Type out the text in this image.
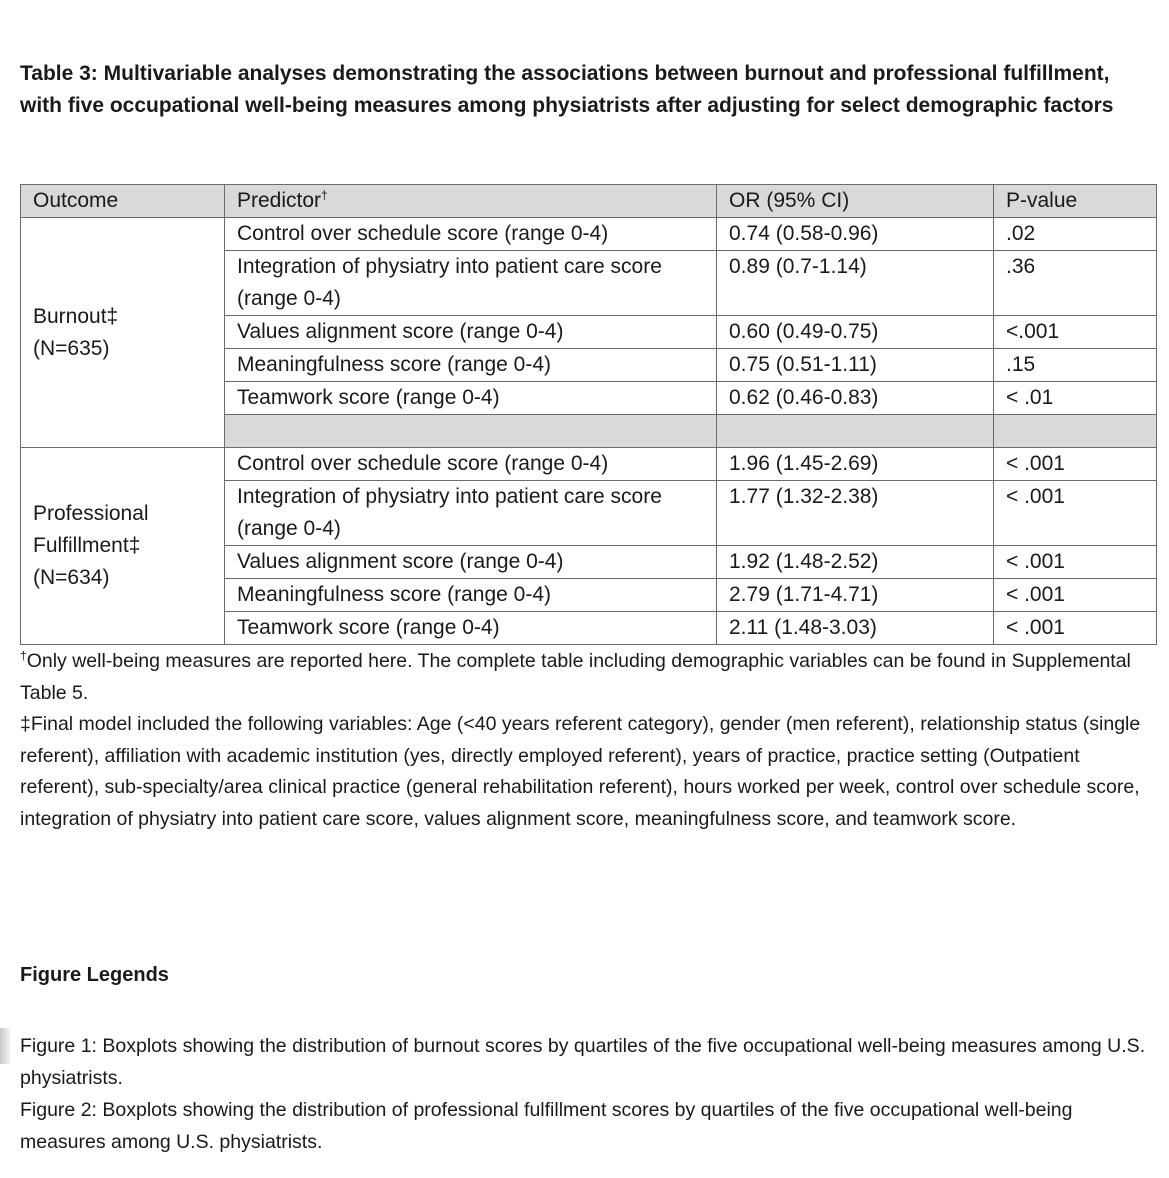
Table 3: Multivariable analyses demonstrating the associations between burnout and professional fulfillment, with five occupational well-being measures among physiatrists after adjusting for select demographic factors

Outcome	Predictor†	OR (95% CI)	P-value

Burnout‡
(N=635)	Control over schedule score (range 0-4)	0.74 (0.58-0.96)	.02
	Integration of physiatry into patient care score (range 0-4)	0.89 (0.7-1.14)	.36
	Values alignment score (range 0-4)	0.60 (0.49-0.75)	<.001
	Meaningfulness score (range 0-4)	0.75 (0.51-1.11)	.15
	Teamwork score (range 0-4)	0.62 (0.46-0.83)	< .01

Professional
Fulfillment‡
(N=634)	Control over schedule score (range 0-4)	1.96 (1.45-2.69)	< .001
	Integration of physiatry into patient care score (range 0-4)	1.77 (1.32-2.38)	< .001
	Values alignment score (range 0-4)	1.92 (1.48-2.52)	< .001
	Meaningfulness score (range 0-4)	2.79 (1.71-4.71)	< .001
	Teamwork score (range 0-4)	2.11 (1.48-3.03)	< .001

†Only well-being measures are reported here. The complete table including demographic variables can be found in Supplemental Table 5.

‡Final model included the following variables: Age (<40 years referent category), gender (men referent), relationship status (single referent), affiliation with academic institution (yes, directly employed referent), years of practice, practice setting (Outpatient referent), sub-specialty/area clinical practice (general rehabilitation referent), hours worked per week, control over schedule score, integration of physiatry into patient care score, values alignment score, meaningfulness score, and teamwork score.

Figure Legends

Figure 1: Boxplots showing the distribution of burnout scores by quartiles of the five occupational well-being measures among U.S. physiatrists.

Figure 2: Boxplots showing the distribution of professional fulfillment scores by quartiles of the five occupational well-being measures among U.S. physiatrists.
